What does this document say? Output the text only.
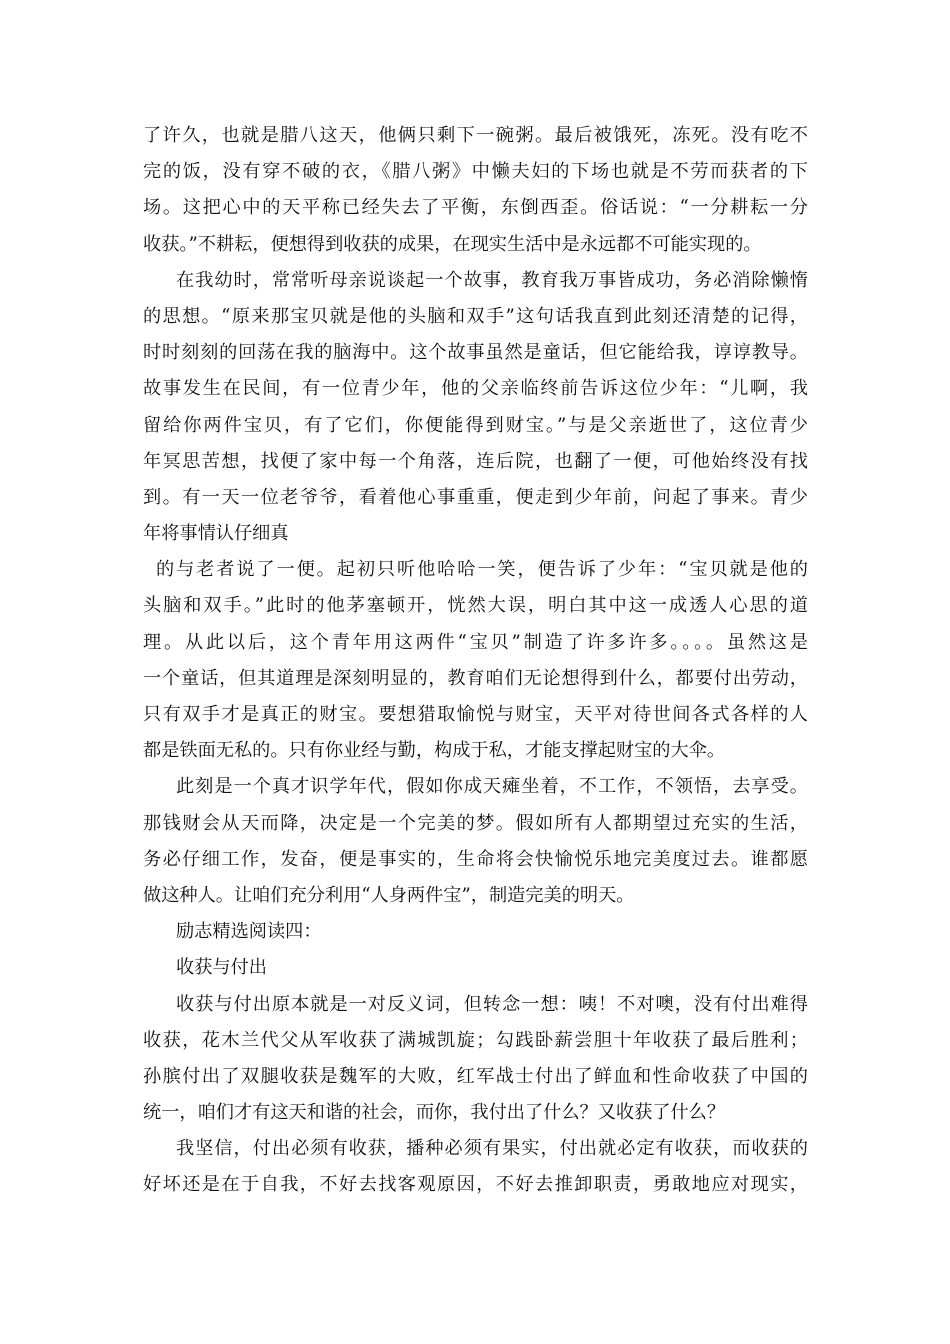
了许久，也就是腊八这天，他俩只剩下一碗粥。最后被饿死，冻死。没有吃不
完的饭，没有穿不破的衣，《腊八粥》中懒夫妇的下场也就是不劳而获者的下
场。这把心中的天平称已经失去了平衡，东倒西歪。俗话说：“一分耕耘一分
收获。”不耕耘，便想得到收获的成果，在现实生活中是永远都不可能实现的。
在我幼时，常常听母亲说谈起一个故事，教育我万事皆成功，务必消除懒惰
的思想。“原来那宝贝就是他的头脑和双手”这句话我直到此刻还清楚的记得，
时时刻刻的回荡在我的脑海中。这个故事虽然是童话，但它能给我，谆谆教导。
故事发生在民间，有一位青少年，他的父亲临终前告诉这位少年：“儿啊，我
留给你两件宝贝，有了它们，你便能得到财宝。”与是父亲逝世了，这位青少
年冥思苦想，找便了家中每一个角落，连后院，也翻了一便，可他始终没有找
到。有一天一位老爷爷，看着他心事重重，便走到少年前，问起了事来。青少
年将事情认仔细真
的与老者说了一便。起初只听他哈哈一笑，便告诉了少年：“宝贝就是他的
头脑和双手。”此时的他茅塞顿开，恍然大误，明白其中这一成透人心思的道
理。从此以后，这个青年用这两件“宝贝”制造了许多许多。。。。虽然这是
一个童话，但其道理是深刻明显的，教育咱们无论想得到什么，都要付出劳动，
只有双手才是真正的财宝。要想猎取愉悦与财宝，天平对待世间各式各样的人
都是铁面无私的。只有你业经与勤，构成于私，才能支撑起财宝的大伞。
此刻是一个真才识学年代，假如你成天瘫坐着，不工作，不领悟，去享受。
那钱财会从天而降，决定是一个完美的梦。假如所有人都期望过充实的生活，
务必仔细工作，发奋，便是事实的，生命将会快愉悦乐地完美度过去。谁都愿
做这种人。让咱们充分利用“人身两件宝”，制造完美的明天。
励志精选阅读四：
收获与付出
收获与付出原本就是一对反义词，但转念一想：咦！不对噢，没有付出难得
收获，花木兰代父从军收获了满城凯旋；勾践卧薪尝胆十年收获了最后胜利；
孙膑付出了双腿收获是魏军的大败，红军战士付出了鲜血和性命收获了中国的
统一，咱们才有这天和谐的社会，而你，我付出了什么？又收获了什么？
我坚信，付出必须有收获，播种必须有果实，付出就必定有收获，而收获的
好坏还是在于自我，不好去找客观原因，不好去推卸职责，勇敢地应对现实，
